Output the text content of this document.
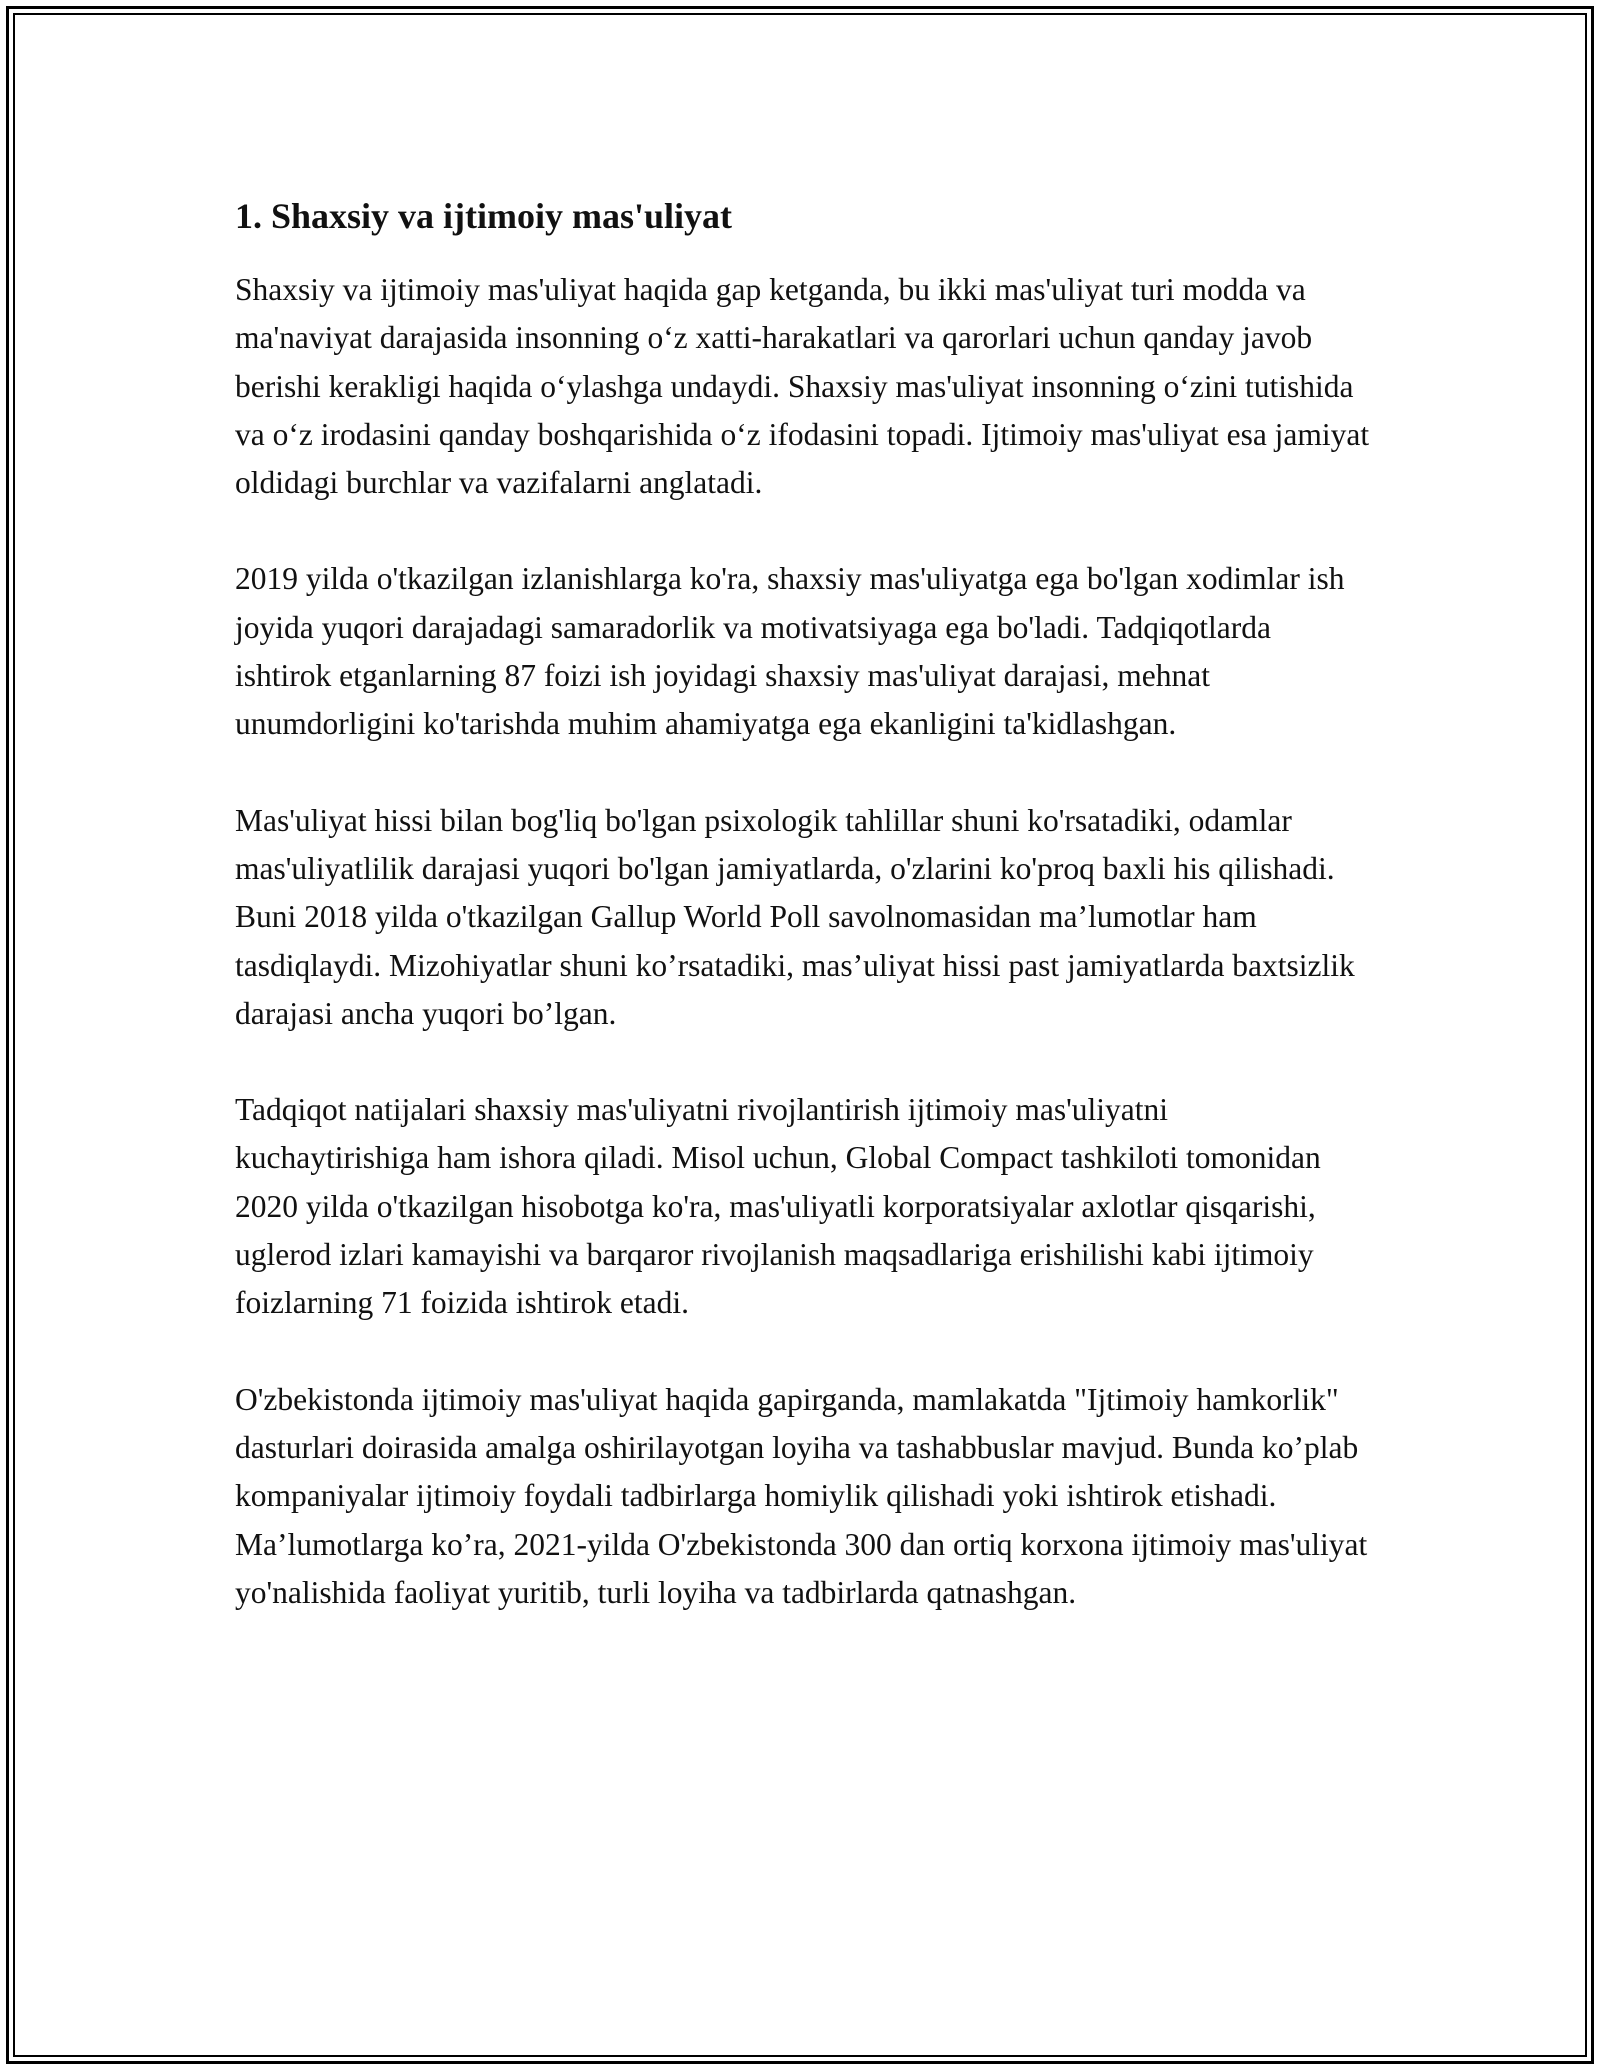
1. Shaxsiy va ijtimoiy mas'uliyat

Shaxsiy va ijtimoiy mas'uliyat haqida gap ketganda, bu ikki mas'uliyat turi modda va ma'naviyat darajasida insonning o‘z xatti-harakatlari va qarorlari uchun qanday javob berishi kerakligi haqida o‘ylashga undaydi. Shaxsiy mas'uliyat insonning o‘zini tutishida va o‘z irodasini qanday boshqarishida o‘z ifodasini topadi. Ijtimoiy mas'uliyat esa jamiyat oldidagi burchlar va vazifalarni anglatadi.

2019 yilda o'tkazilgan izlanishlarga ko'ra, shaxsiy mas'uliyatga ega bo'lgan xodimlar ish joyida yuqori darajadagi samaradorlik va motivatsiyaga ega bo'ladi. Tadqiqotlarda ishtirok etganlarning 87 foizi ish joyidagi shaxsiy mas'uliyat darajasi, mehnat unumdorligini ko'tarishda muhim ahamiyatga ega ekanligini ta'kidlashgan.

Mas'uliyat hissi bilan bog'liq bo'lgan psixologik tahlillar shuni ko'rsatadiki, odamlar mas'uliyatlilik darajasi yuqori bo'lgan jamiyatlarda, o'zlarini ko'proq baxli his qilishadi. Buni 2018 yilda o'tkazilgan Gallup World Poll savolnomasidan ma’lumotlar ham tasdiqlaydi. Mizohiyatlar shuni ko’rsatadiki, mas’uliyat hissi past jamiyatlarda baxtsizlik darajasi ancha yuqori bo’lgan.

Tadqiqot natijalari shaxsiy mas'uliyatni rivojlantirish ijtimoiy mas'uliyatni kuchaytirishiga ham ishora qiladi. Misol uchun, Global Compact tashkiloti tomonidan 2020 yilda o'tkazilgan hisobotga ko'ra, mas'uliyatli korporatsiyalar axlotlar qisqarishi, uglerod izlari kamayishi va barqaror rivojlanish maqsadlariga erishilishi kabi ijtimoiy foizlarning 71 foizida ishtirok etadi.

O'zbekistonda ijtimoiy mas'uliyat haqida gapirganda, mamlakatda "Ijtimoiy hamkorlik" dasturlari doirasida amalga oshirilayotgan loyiha va tashabbuslar mavjud. Bunda ko’plab kompaniyalar ijtimoiy foydali tadbirlarga homiylik qilishadi yoki ishtirok etishadi. Ma’lumotlarga ko’ra, 2021-yilda O'zbekistonda 300 dan ortiq korxona ijtimoiy mas'uliyat yo'nalishida faoliyat yuritib, turli loyiha va tadbirlarda qatnashgan.
